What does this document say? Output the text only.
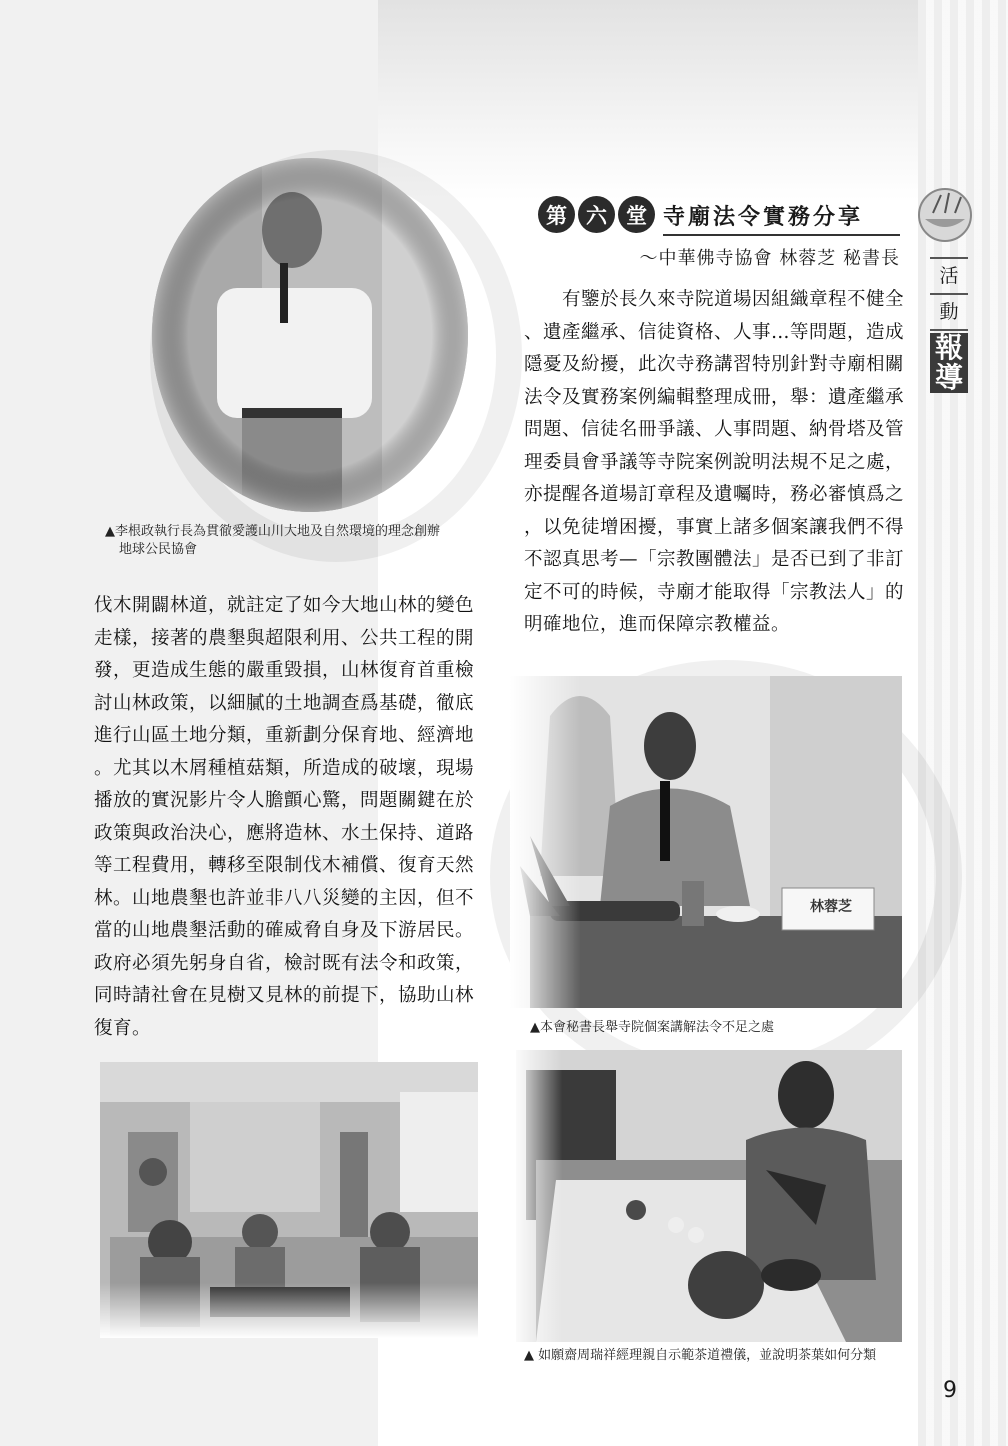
活
動
報
導
▲李根政執行長為貫徹愛護山川大地及自然環境的理念創辦
地球公民協會
第 六 堂 寺廟法令實務分享
〜中華佛寺協會 林蓉芝 秘書長
　　有鑒於長久來寺院道場因組織章程不健全
、遺產繼承、信徒資格、人事…等問題，造成
隱憂及紛擾，此次寺務講習特別針對寺廟相關
法令及實務案例編輯整理成冊，舉：遺產繼承
問題、信徒名冊爭議、人事問題、納骨塔及管
理委員會爭議等寺院案例說明法規不足之處，
亦提醒各道場訂章程及遺囑時，務必審慎爲之
，以免徒增困擾，事實上諸多個案讓我們不得
不認真思考—「宗教團體法」是否已到了非訂
定不可的時候，寺廟才能取得「宗教法人」的
明確地位，進而保障宗教權益。
伐木開闢林道，就註定了如今大地山林的變色
走樣，接著的農墾與超限利用、公共工程的開
發，更造成生態的嚴重毀損，山林復育首重檢
討山林政策，以細膩的土地調查爲基礎，徹底
進行山區土地分類，重新劃分保育地、經濟地
。尤其以木屑種植菇類，所造成的破壞，現場
播放的實況影片令人膽顫心驚，問題關鍵在於
政策與政治決心，應將造林、水土保持、道路
等工程費用，轉移至限制伐木補償、復育天然
林。山地農墾也許並非八八災變的主因，但不
當的山地農墾活動的確威脅自身及下游居民。
政府必須先躬身自省，檢討既有法令和政策，
同時請社會在見樹又見林的前提下，協助山林
復育。
林蓉芝
▲本會秘書長舉寺院個案講解法令不足之處
▲ 如願齋周瑞祥經理親自示範茶道禮儀，並說明茶葉如何分類
9
